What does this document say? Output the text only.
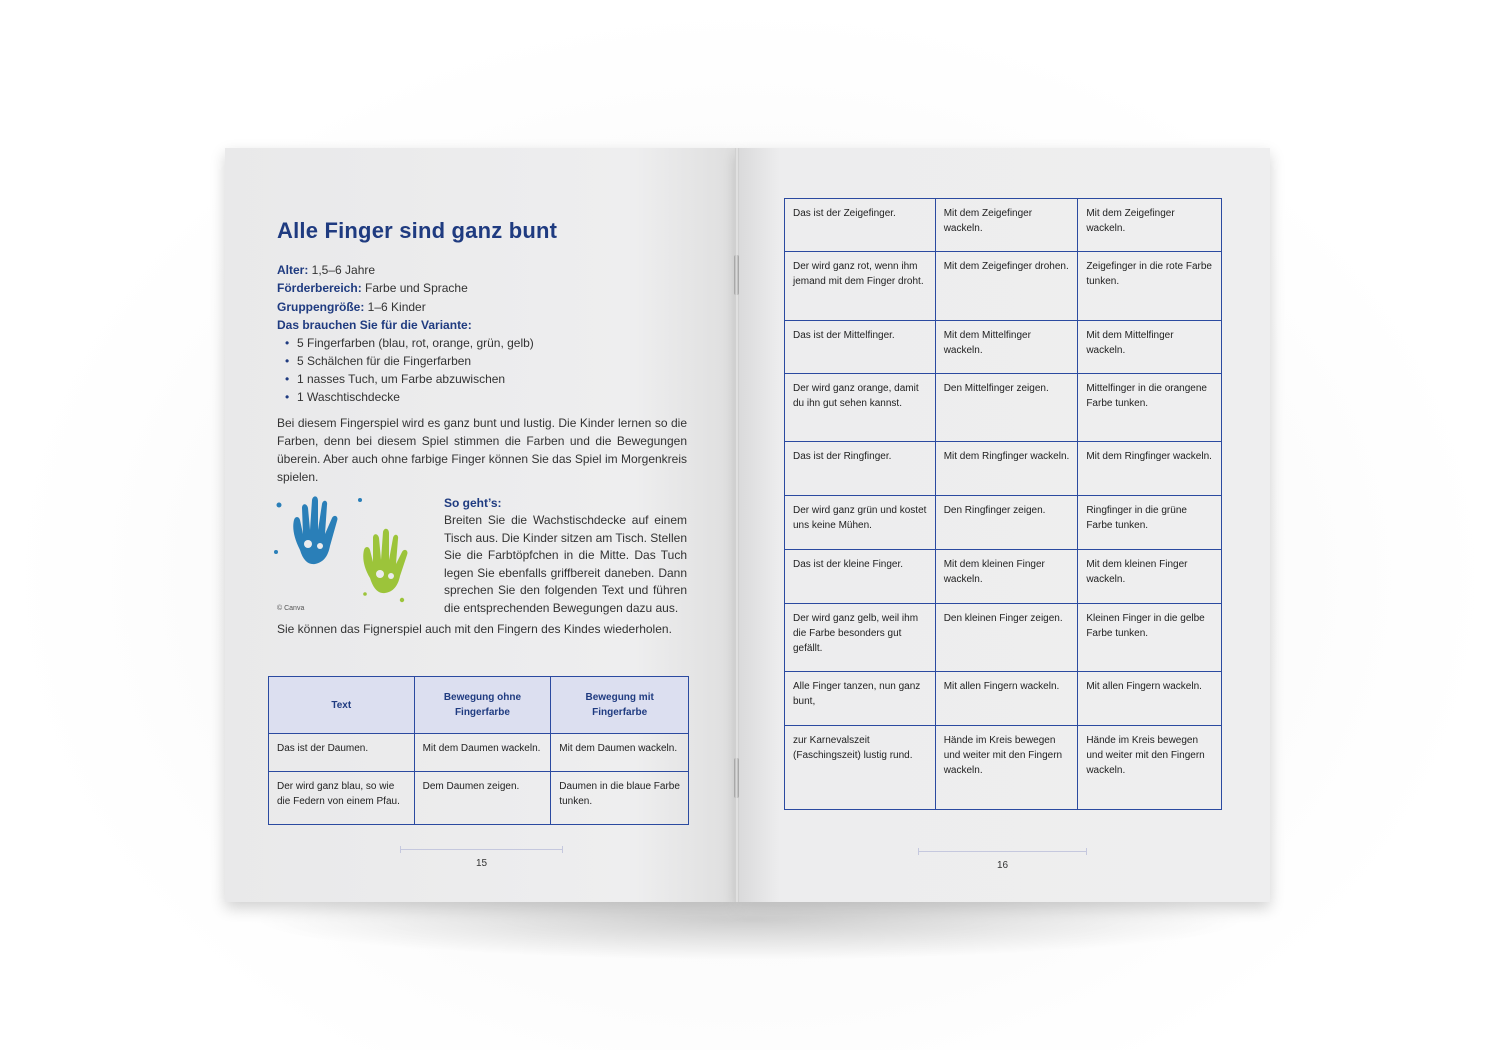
Alle Finger sind ganz bunt
Alter: 1,5–6 Jahre
Förderbereich: Farbe und Sprache
Gruppengröße: 1–6 Kinder
Das brauchen Sie für die Variante:
• 5 Fingerfarben (blau, rot, orange, grün, gelb)
• 5 Schälchen für die Fingerfarben
• 1 nasses Tuch, um Farbe abzuwischen
• 1 Waschtischdecke

Bei diesem Fingerspiel wird es ganz bunt und lustig. Die Kinder lernen so die Farben, denn bei diesem Spiel stimmen die Farben und die Bewegungen überein. Aber auch ohne farbige Finger können Sie das Spiel im Morgenkreis spielen.

© Canva
So geht’s:

Breiten Sie die Wachstischdecke auf einem Tisch aus. Die Kinder sitzen am Tisch. Stellen Sie die Farbtöpfchen in die Mitte. Das Tuch legen Sie ebenfalls griffbereit daneben. Dann sprechen Sie den folgenden Text und führen die entsprechenden Bewegungen dazu aus.

Sie können das Fignerspiel auch mit den Fingern des Kindes wiederholen.
Text	Bewegung ohne Fingerfarbe	Bewegung mit Fingerfarbe
Das ist der Daumen.	Mit dem Daumen wackeln.	Mit dem Daumen wackeln.
Der wird ganz blau, so wie die Federn von einem Pfau.	Dem Daumen zeigen.	Daumen in die blaue Farbe tunken.
15
Das ist der Zeigefinger.	Mit dem Zeigefinger wackeln.	Mit dem Zeigefinger wackeln.
Der wird ganz rot, wenn ihm jemand mit dem Finger droht.	Mit dem Zeigefinger drohen.	Zeigefinger in die rote Farbe tunken.
Das ist der Mittelfinger.	Mit dem Mittelfinger wackeln.	Mit dem Mittelfinger wackeln.
Der wird ganz orange, damit du ihn gut sehen kannst.	Den Mittelfinger zeigen.	Mittelfinger in die orangene Farbe tunken.
Das ist der Ringfinger.	Mit dem Ringfinger wackeln.	Mit dem Ringfinger wackeln.
Der wird ganz grün und kostet uns keine Mühen.	Den Ringfinger zeigen.	Ringfinger in die grüne Farbe tunken.
Das ist der kleine Finger.	Mit dem kleinen Finger wackeln.	Mit dem kleinen Finger wackeln.
Der wird ganz gelb, weil ihm die Farbe besonders gut gefällt.	Den kleinen Finger zeigen.	Kleinen Finger in die gelbe Farbe tunken.
Alle Finger tanzen, nun ganz bunt,	Mit allen Fingern wackeln.	Mit allen Fingern wackeln.
zur Karnevalszeit (Faschingszeit) lustig rund.	Hände im Kreis bewegen und weiter mit den Fingern wackeln.	Hände im Kreis bewegen und weiter mit den Fingern wackeln.
16
